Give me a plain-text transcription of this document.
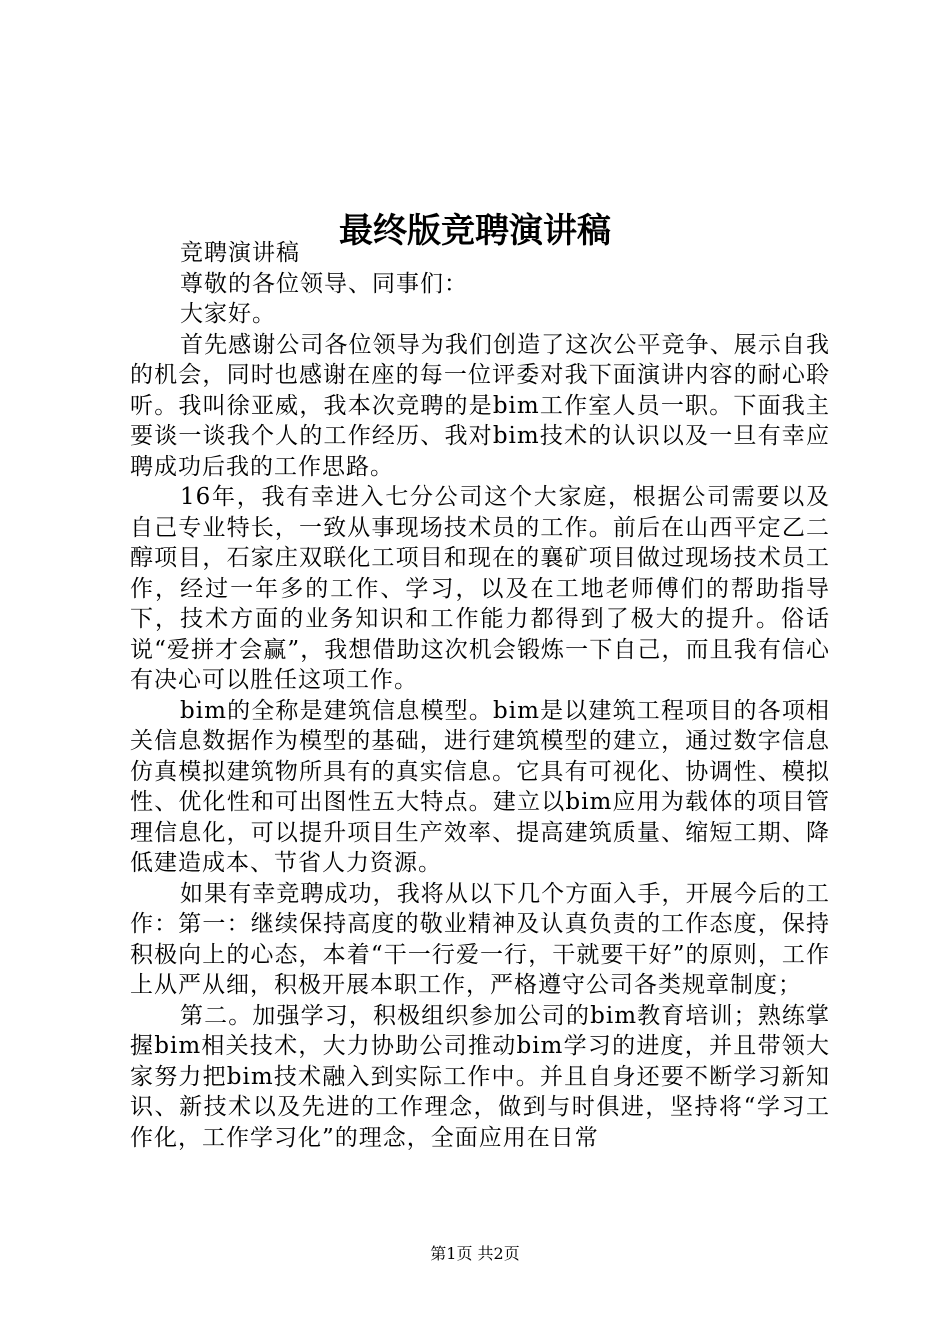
最终版竞聘演讲稿

竞聘演讲稿

尊敬的各位领导、同事们：

大家好。

首先感谢公司各位领导为我们创造了这次公平竞争、展示自我的机会，同时也感谢在座的每一位评委对我下面演讲内容的耐心聆听。我叫徐亚威，我本次竞聘的是bim工作室人员一职。下面我主要谈一谈我个人的工作经历、我对bim技术的认识以及一旦有幸应聘成功后我的工作思路。

16年，我有幸进入七分公司这个大家庭，根据公司需要以及自己专业特长，一致从事现场技术员的工作。前后在山西平定乙二醇项目，石家庄双联化工项目和现在的襄矿项目做过现场技术员工作，经过一年多的工作、学习，以及在工地老师傅们的帮助指导下，技术方面的业务知识和工作能力都得到了极大的提升。俗话说“爱拼才会赢”，我想借助这次机会锻炼一下自己，而且我有信心有决心可以胜任这项工作。

bim的全称是建筑信息模型。bim是以建筑工程项目的各项相关信息数据作为模型的基础，进行建筑模型的建立，通过数字信息仿真模拟建筑物所具有的真实信息。它具有可视化、协调性、模拟性、优化性和可出图性五大特点。建立以bim应用为载体的项目管理信息化，可以提升项目生产效率、提高建筑质量、缩短工期、降低建造成本、节省人力资源。

如果有幸竞聘成功，我将从以下几个方面入手，开展今后的工作：第一：继续保持高度的敬业精神及认真负责的工作态度，保持积极向上的心态，本着“干一行爱一行，干就要干好”的原则，工作上从严从细，积极开展本职工作，严格遵守公司各类规章制度；

第二。加强学习，积极组织参加公司的bim教育培训；熟练掌握bim相关技术，大力协助公司推动bim学习的进度，并且带领大家努力把bim技术融入到实际工作中。并且自身还要不断学习新知识、新技术以及先进的工作理念，做到与时俱进，坚持将“学习工作化，工作学习化”的理念，全面应用在日常

第1页 共2页
